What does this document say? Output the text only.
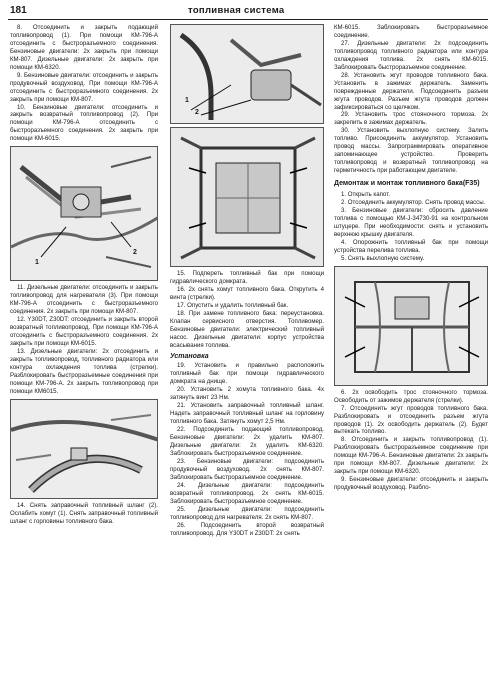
181	топливная система

8. Отсоединить и закрыть подающий топливопровод (1). При помощи КМ-796-А отсоединить с быстроразъемного соединения. Бензиновые двигатели: 2х закрыть при помощи КМ-807. Дизельные двигатели: 2х закрыть при помощи КМ-6320.

9. Бензиновые двигатели: отсоединить и закрыть продувочный воздуховод. При помощи КМ-796-А отсоединить с быстроразъемного соединения. 2х закрыть при помощи КМ-807.

10. Бензиновые двигатели: отсоединить и закрыть возвратный топливопровод (2). При помощи КМ-796-А отсоединить с быстроразъемного соединения. 2х закрыть при помощи КМ-6015.

1
2

11. Дизельные двигатели: отсоединить и закрыть топливопровод для нагревателя (3). При помощи КМ-796-А отсоединить с быстроразъемного соединения. 2х закрыть при помощи КМ-807.

12. Y30DT, Z30DT: отсоединить и закрыть второй возвратный топливопровод. При помощи КМ-796-А отсоединить с быстроразъемного соединения. 2х закрыть при помощи КМ-6015.

13. Дизельные двигатели: 2х отсоединить и закрыть топливопровод, топливного радиатора или контура охлаждения топлива (стрелки). Разблокировать быстроразъемные соединения при помощи КМ-796-А. 2х закрыть топливопровод при помощи КМ6015.

14. Снять заправочный топливный шланг (2). Ослабить хомут (1). Снять заправочный топливный шланг с горловины топливного бака.

1
2

15. Подпереть топливный бак при помощи гидравлического домкрата.

16. 2х снять хомут топливного бака. Открутить 4 винта (стрелки).

17. Опустить и удалить топливный бак.

18. При замене топливного бака: переустановка. Клапан сервисного отверстия. Топливомер. Бензиновые двигатели: электрический топливный насос. Дизельные двигатели: корпус устройства всасывания топлива.

Установка

19. Установить и правильно расположить топливный бак при помощи гидравлического домкрата на днище.

20. Установить 2 хомута топливного бака. 4х затянуть винт 23 Нм.

21. Установить заправочный топливный шланг. Надеть заправочный топливный шланг на горловину топливного бака. Затянуть хомут 2,5 Нм.

22. Подсоединить подающий топливопровод. Бензиновые двигатели: 2х удалить КМ-807. Дизельные двигатели: 2х удалить КМ-6320. Заблокировать быстроразъемное соединение.

23. Бензиновые двигатели: подсоединить продувочный воздуховод. 2х снять КМ-807. Заблокировать быстроразъемное соединение.

24. Дизельные двигатели: подсоединить возвратный топливопровод. 2х снять КМ-6015. Заблокировать быстроразъемное соединение.

25. Дизельные двигатели: подсоединить топливопровод для нагревателя. 2х снять КМ-807.

26. Подсоединить второй возвратный топливопровод. Для Y30DT и Z30DT: 2х снять

КМ-6015. Заблокировать быстроразъемное соединение.

27. Дизельные двигатели: 2х подсоединить топливопровод топливного радиатора или контура охлаждения топлива. 2х снять КМ-6015. Заблокировать быстроразъемное соединение.

28. Установить жгут проводов топливного бака. Установить в зажимах держатель. Заменить поврежденные держатели. Подсоединить разъем жгута проводов. Разъем жгута проводов должен зафиксироваться со щелчком.

29. Установить трос стояночного тормоза. 2х закрепить в зажимах держатель.

30. Установить выхлопную систему. Залить топливо. Присоединить аккумулятор. Установить провод массы. Запрограммировать оперативное запоминающее устройство. Проверить топливопровод и возвратный топливопровод на герметичность при работающем двигателе.

Демонтаж и монтаж топливного бака(F35)

1. Открыть капот.

2. Отсоединить аккумулятор. Снять провод массы.

3. Бензиновые двигатели: сбросить давление топлива с помощью КМ-J-34730-91 на контрольном штуцере. При необходимости: снять и установить верхнюю крышку двигателя.

4. Опорожнить топливный бак при помощи устройства перелива топлива.

5. Снять выхлопную систему.

6. 2х освободить трос стояночного тормоза. Освободить от зажимов держателя (стрелки).

7. Отсоединить жгут проводов топливного бака. Разблокировать и отсоединить разъем жгута проводов (1). 2х освободить держатель (2). Будет вытекать топливо.

8. Отсоединить и закрыть топливопровод (1). Разблокировать быстроразъемное соединение при помощи КМ-796-А. Бензиновые двигатели: 2х закрыть при помощи КМ-807. Дизельные двигатели: 2х закрыть при помощи КМ-6320.

9. Бензиновые двигатели: отсоединить и закрыть продувочный воздуховод. Разбло-
